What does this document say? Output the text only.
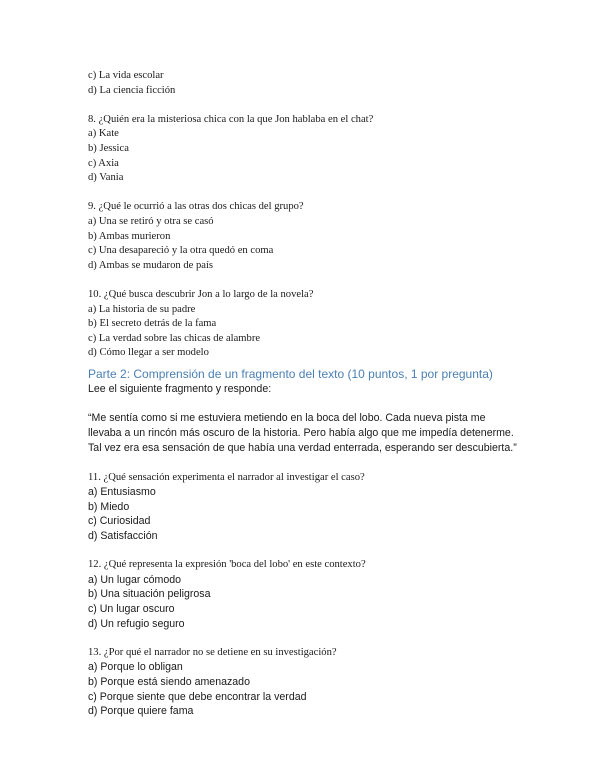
c) La vida escolar
d) La ciencia ficción
8. ¿Quién era la misteriosa chica con la que Jon hablaba en el chat?
a) Kate
b) Jessica
c) Axia
d) Vania
9. ¿Qué le ocurrió a las otras dos chicas del grupo?
a) Una se retiró y otra se casó
b) Ambas murieron
c) Una desapareció y la otra quedó en coma
d) Ambas se mudaron de país
10. ¿Qué busca descubrir Jon a lo largo de la novela?
a) La historia de su padre
b) El secreto detrás de la fama
c) La verdad sobre las chicas de alambre
d) Cómo llegar a ser modelo
Parte 2: Comprensión de un fragmento del texto (10 puntos, 1 por pregunta)
Lee el siguiente fragmento y responde:
“Me sentía como si me estuviera metiendo en la boca del lobo. Cada nueva pista me llevaba a un rincón más oscuro de la historia. Pero había algo que me impedía detenerme. Tal vez era esa sensación de que había una verdad enterrada, esperando ser descubierta.”
11. ¿Qué sensación experimenta el narrador al investigar el caso?
a) Entusiasmo
b) Miedo
c) Curiosidad
d) Satisfacción
12. ¿Qué representa la expresión 'boca del lobo' en este contexto?
a) Un lugar cómodo
b) Una situación peligrosa
c) Un lugar oscuro
d) Un refugio seguro
13. ¿Por qué el narrador no se detiene en su investigación?
a) Porque lo obligan
b) Porque está siendo amenazado
c) Porque siente que debe encontrar la verdad
d) Porque quiere fama
